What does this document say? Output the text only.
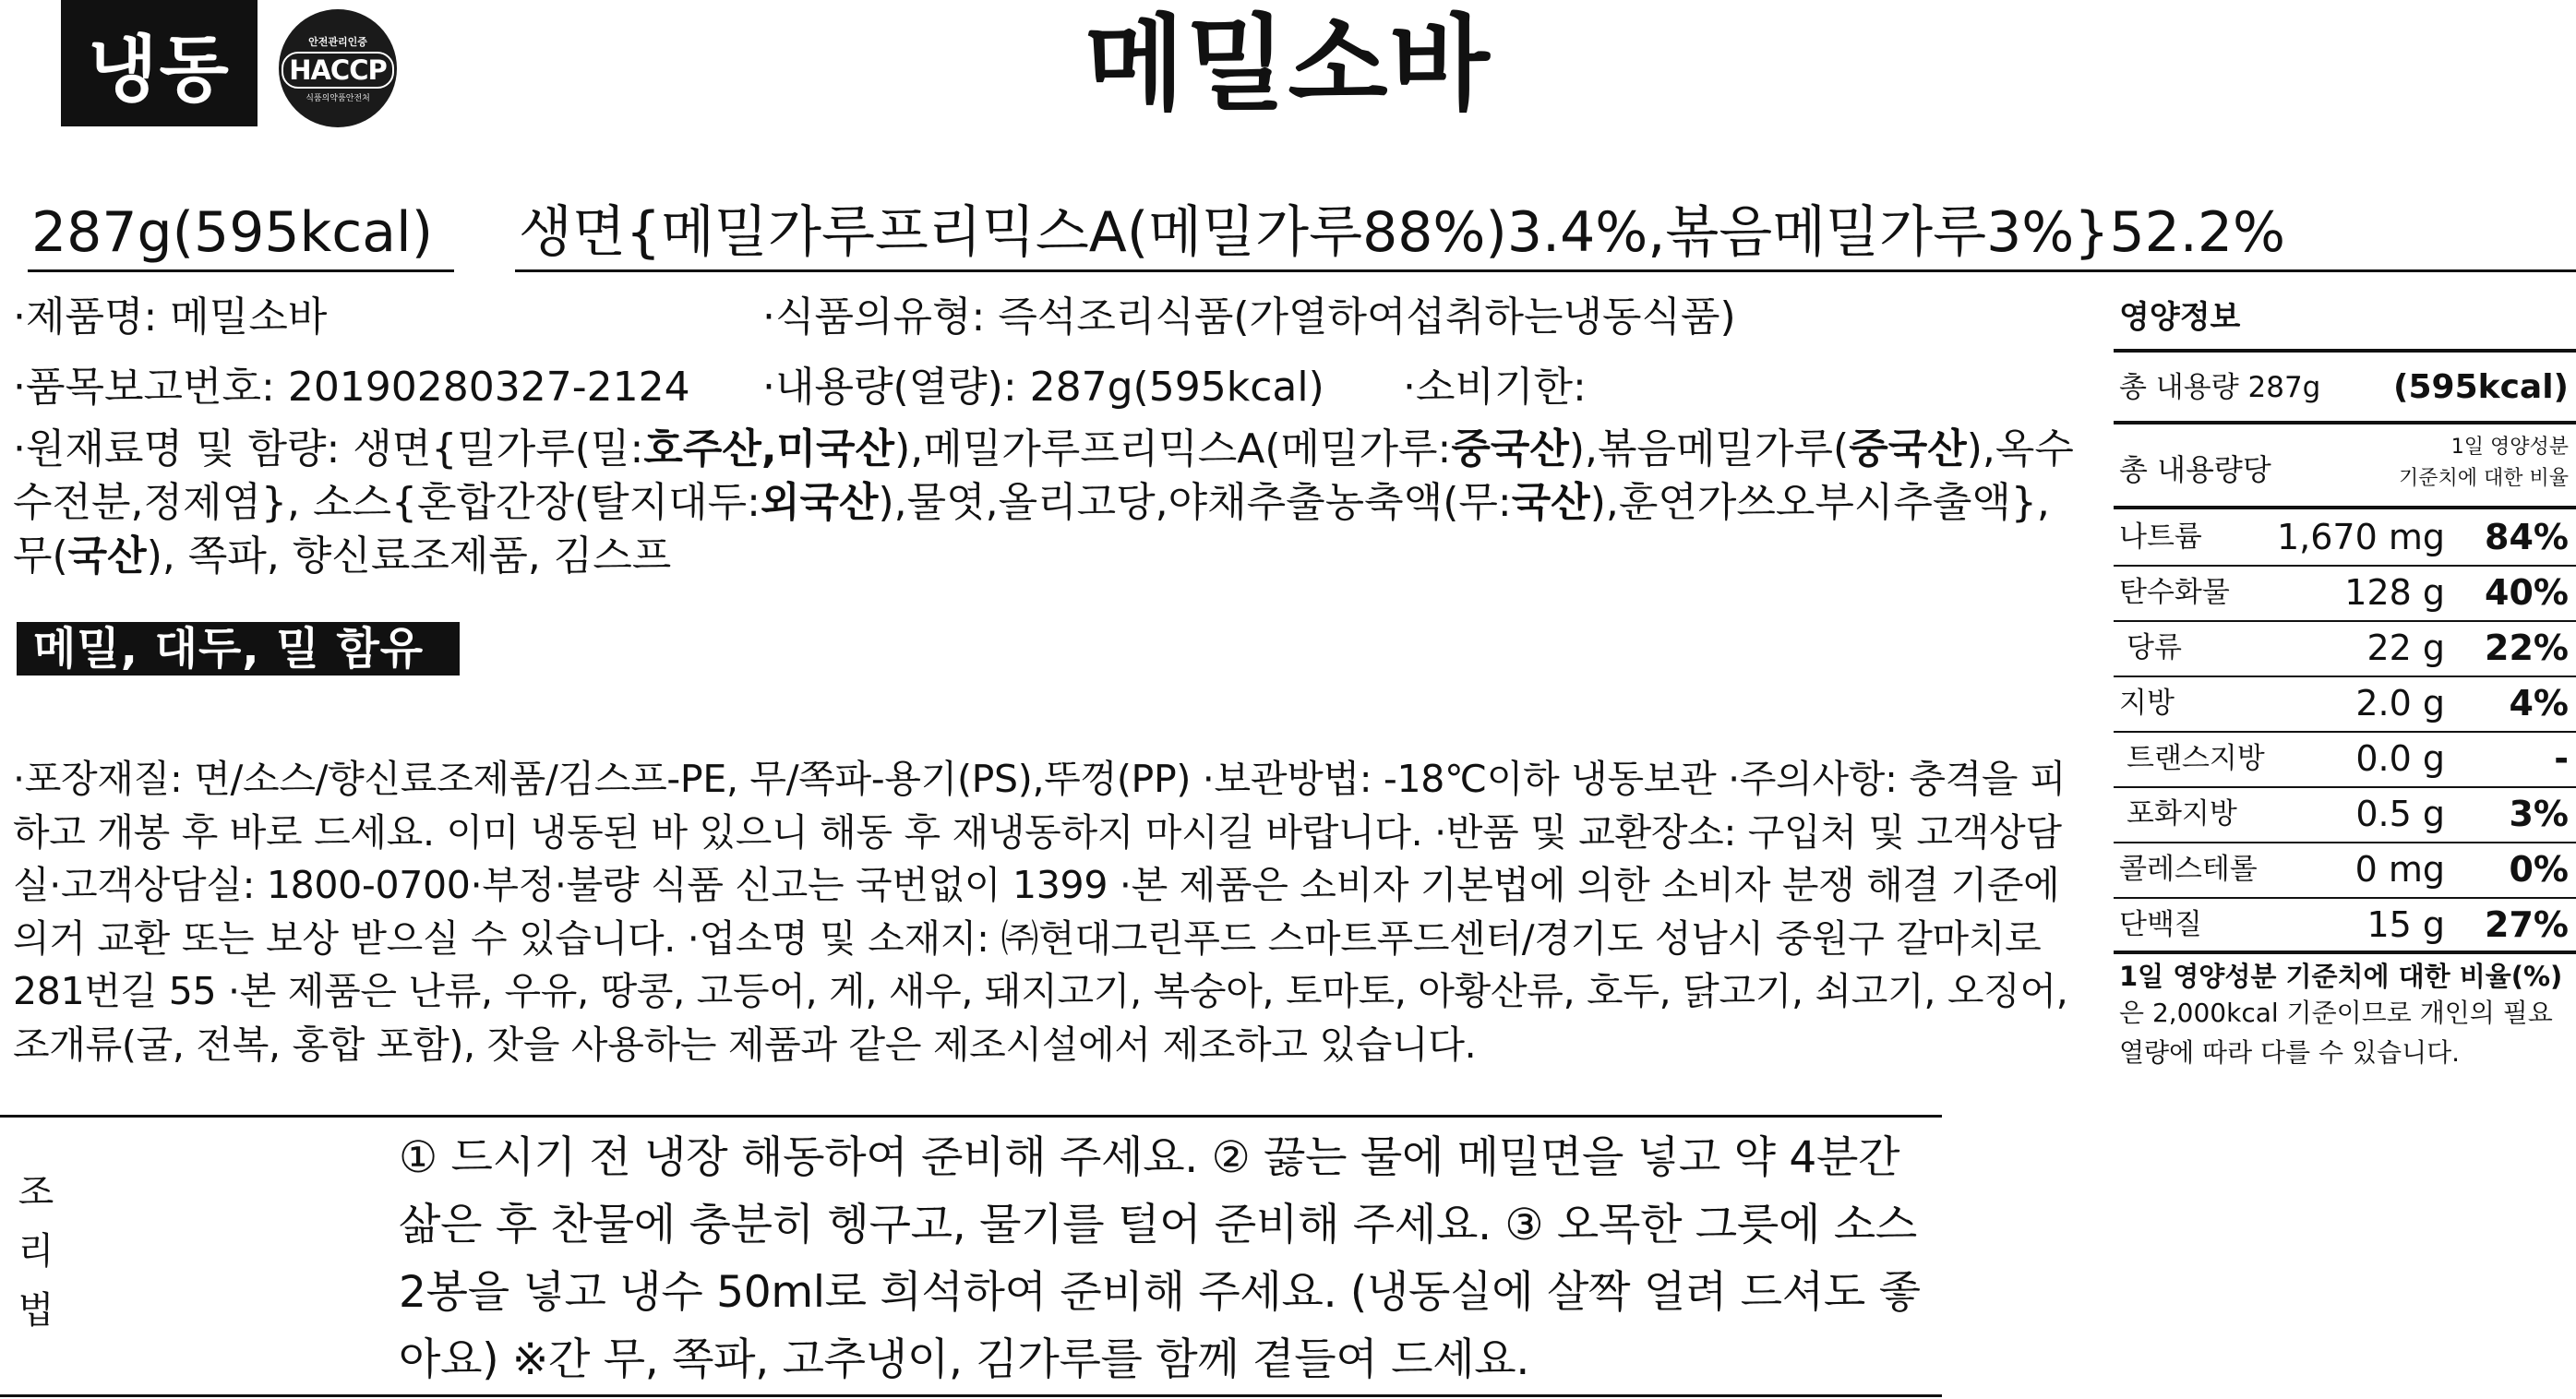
냉동	안전관리인증
HACCP
식품의약품안전처	메밀소바
287g(595kcal)	생면{메밀가루프리믹스A(메밀가루88%)3.4%,볶음메밀가루3%}52.2%
·제품명: 메밀소바	·식품의유형: 즉석조리식품(가열하여섭취하는냉동식품)
·품목보고번호: 20190280327-2124 ·내용량(열량): 287g(595kcal) ·소비기한:
·원재료명 및 함량: 생면{밀가루(밀:호주산,미국산),메밀가루프리믹스A(메밀가루:중국산),볶음메밀가루(중국산),옥수수전분,정제염}, 소스{혼합간장(탈지대두:외국산),물엿,올리고당,야채추출농축액(무:국산),훈연가쓰오부시추출액}, 무(국산), 쪽파, 향신료조제품, 김스프
메밀, 대두, 밀 함유
·포장재질: 면/소스/향신료조제품/김스프-PE, 무/쪽파-용기(PS),뚜껑(PP) ·보관방법: -18℃이하 냉동보관 ·주의사항: 충격을 피하고 개봉 후 바로 드세요. 이미 냉동된 바 있으니 해동 후 재냉동하지 마시길 바랍니다. ·반품 및 교환장소: 구입처 및 고객상담실·고객상담실: 1800-0700·부정·불량 식품 신고는 국번없이 1399 ·본 제품은 소비자 기본법에 의한 소비자 분쟁 해결 기준에 의거 교환 또는 보상 받으실 수 있습니다. ·업소명 및 소재지: ㈜현대그린푸드 스마트푸드센터/경기도 성남시 중원구 갈마치로 281번길 55 ·본 제품은 난류, 우유, 땅콩, 고등어, 게, 새우, 돼지고기, 복숭아, 토마토, 아황산류, 호두, 닭고기, 쇠고기, 오징어, 조개류(굴, 전복, 홍합 포함), 잣을 사용하는 제품과 같은 제조시설에서 제조하고 있습니다.
조
리
법
① 드시기 전 냉장 해동하여 준비해 주세요. ② 끓는 물에 메밀면을 넣고 약 4분간 삶은 후 찬물에 충분히 헹구고, 물기를 털어 준비해 주세요. ③ 오목한 그릇에 소스 2봉을 넣고 냉수 50ml로 희석하여 준비해 주세요. (냉동실에 살짝 얼려 드셔도 좋아요) ※간 무, 쪽파, 고추냉이, 김가루를 함께 곁들여 드세요.
영양정보
총 내용량 287g (595kcal)
총 내용량당
1일 영양성분
기준치에 대한 비율
나트륨 1,670 mg 84%
탄수화물	128 g 40%
당류	22 g 22%
지방	2.0 g 4%
트랜스지방	0.0 g	-
포화지방	0.5 g 3%
콜레스테롤	0 mg 0%
단백질	15 g 27%
1일 영양성분 기준치에 대한 비율(%)
은 2,000kcal 기준이므로 개인의 필요열량에 따라 다를 수 있습니다.
